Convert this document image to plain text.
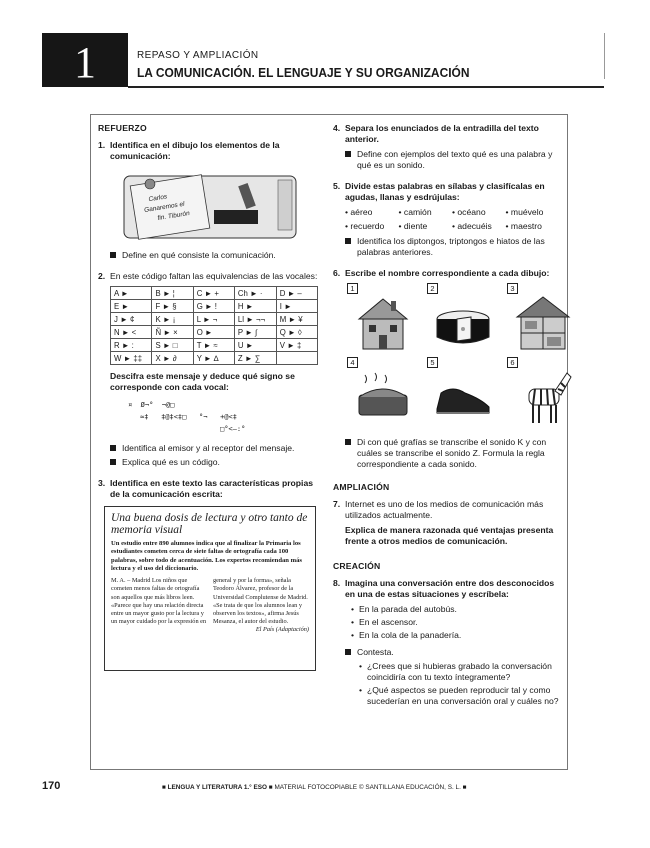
1	REPASO Y AMPLIACIÓN
LA COMUNICACIÓN. EL LENGUAJE Y SU ORGANIZACIÓN
REFUERZO
1. Identifica en el dibujo los elementos de la comunicación:
Carlos
Ganaremos el
fin. Tiburón
Define en qué consiste la comunicación.
2. En este código faltan las equivalencias de las vocales:
A ►	B ► ¦	C ► +	Ch ► ·	D ► –
E ►	F ► §	G ► !	H ►	I ►
J ► ¢	K ► ¡	L ► ¬	Ll ► ¬¬	M ► ¥
N ► <	Ñ ► ×	O ►	P ► ∫	Q ► ◊
R ► :	S ► □	T ► ≈	U ►	V ► ‡
W ► ‡‡	X ► ∂	Y ► ∆	Z ► ∑	
Descifra este mensaje y deduce qué signo se corresponde con cada vocal:
¤  Ø¬°  ¬@□
≈‡   ‡@‡<‡□   °¬   +@<‡
□°<–:°
Identifica al emisor y al receptor del mensaje.
Explica qué es un código.
3. Identifica en este texto las características propias de la comunicación escrita:
Una buena dosis de lectura y otro tanto de memoria visual
Un estudio entre 890 alumnos indica que al finalizar la Primaria los estudiantes cometen cerca de siete faltas de ortografía cada 100 palabras, sobre todo de acentuación. Los expertos recomiendan más lectura y el uso del diccionario.
M. A. – Madrid Los niños que cometen menos faltas de ortografía son aquellos que más libros leen. «Parece que hay una relación directa entre un mayor gusto por la lectura y un mayor cuidado por la expresión en
general y por la forma», señala Teodoro Álvarez, profesor de la Universidad Complutense de Madrid. «Se trata de que los alumnos lean y observen los textos», afirma Jesús Mesanza, el autor del estudio.
El País (Adaptación)
4. Separa los enunciados de la entradilla del texto anterior.
Define con ejemplos del texto qué es una palabra y qué es un sonido.
5. Divide estas palabras en sílabas y clasifícalas en agudas, llanas y esdrújulas:
• aéreo	• camión	• océano	• muévelo
• recuerdo	• diente	• adecuéis	• maestro
Identifica los diptongos, triptongos e hiatos de las palabras anteriores.
6. Escribe el nombre correspondiente a cada dibujo:
1	2	3
4	5	6
Di con qué grafías se transcribe el sonido K y con cuáles se transcribe el sonido Z. Formula la regla correspondiente a cada sonido.
AMPLIACIÓN
7. Internet es uno de los medios de comunicación más utilizados actualmente.
Explica de manera razonada qué ventajas presenta frente a otros medios de comunicación.
CREACIÓN
8. Imagina una conversación entre dos desconocidos en una de estas situaciones y escríbela:
• En la parada del autobús.
• En el ascensor.
• En la cola de la panadería.
Contesta.
• ¿Crees que si hubieras grabado la conversación coincidiría con tu texto íntegramente?
• ¿Qué aspectos se pueden reproducir tal y como sucederían en una conversación oral y cuáles no?
170	■ LENGUA Y LITERATURA 1.° ESO ■ MATERIAL FOTOCOPIABLE © SANTILLANA EDUCACIÓN, S. L. ■
